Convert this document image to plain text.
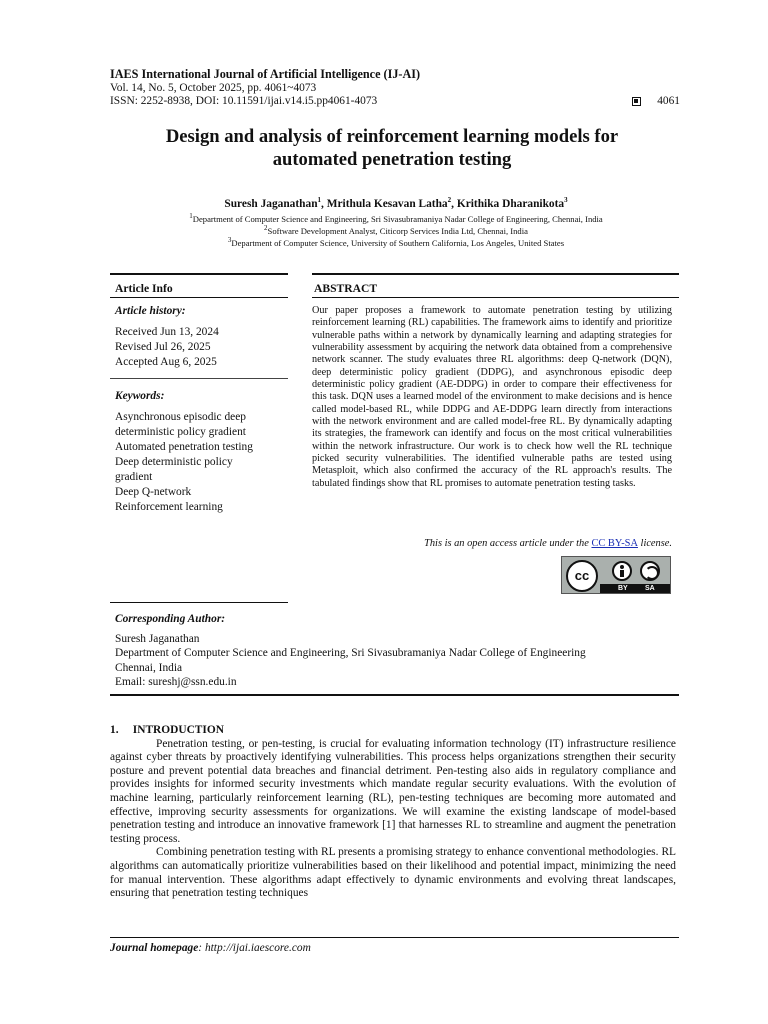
IAES International Journal of Artificial Intelligence (IJ-AI)
Vol. 14, No. 5, October 2025, pp. 4061~4073
ISSN: 2252-8938, DOI: 10.11591/ijai.v14.i5.pp4061-4073	4061
Design and analysis of reinforcement learning models for
automated penetration testing
Suresh Jaganathan$^1$, Mrithula Kesavan Latha$^2$, Krithika Dharanikota$^3$
$^1$Department of Computer Science and Engineering, Sri Sivasubramaniya Nadar College of Engineering, Chennai, India
$^2$Software Development Analyst, Citicorp Services India Ltd, Chennai, India
$^3$Department of Computer Science, University of Southern California, Los Angeles, United States
Article Info	ABSTRACT
Article history:
Received Jun 13, 2024
Revised Jul 26, 2025
Accepted Aug 6, 2025
Keywords:
Asynchronous episodic deep deterministic policy gradient
Automated penetration testing
Deep deterministic policy gradient
Deep Q-network
Reinforcement learning
Our paper proposes a framework to automate penetration testing by utilizing reinforcement learning (RL) capabilities. The framework aims to identify and prioritize vulnerable paths within a network by dynamically learning and adapting strategies for vulnerability assessment by acquiring the network data obtained from a comprehensive network scanner. The study evaluates three RL algorithms: deep Q-network (DQN), deep deterministic policy gradient (DDPG), and asynchronous episodic deep deterministic policy gradient (AE-DDPG) in order to compare their effectiveness for this task. DQN uses a learned model of the environment to make decisions and is hence called model-based RL, while DDPG and AE-DDPG learn directly from interactions with the network environment and are called model-free RL. By dynamically adapting its strategies, the framework can identify and focus on the most critical vulnerabilities within the network infrastructure. Our work is to check how well the RL technique picked security vulnerabilities. The identified vulnerable paths are tested using Metasploit, which also confirmed the accuracy of the RL approach's results. The tabulated findings show that RL promises to automate penetration testing tasks.
This is an open access article under the CC BY-SA license.
cc
BY SA
Corresponding Author:
Suresh Jaganathan
Department of Computer Science and Engineering, Sri Sivasubramaniya Nadar College of Engineering
Chennai, India
Email: sureshj@ssn.edu.in
1.     INTRODUCTION

Penetration testing, or pen-testing, is crucial for evaluating information technology (IT) infrastructure resilience against cyber threats by proactively identifying vulnerabilities. This process helps organizations strengthen their security posture and prevent potential data breaches and financial detriment. Pen-testing also aids in regulatory compliance and provides insights for informed security investments which mandate regular security evaluations. With the evolution of machine learning, particularly reinforcement learning (RL), pen-testing techniques are becoming more automated and effective, improving security assessments for organizations. We will examine the existing landscape of model-based penetration testing and introduce an innovative framework [1] that harnesses RL to streamline and augment the penetration testing process.

Combining penetration testing with RL presents a promising strategy to enhance conventional methodologies. RL algorithms can automatically prioritize vulnerabilities based on their likelihood and potential impact, minimizing the need for manual intervention. These algorithms adapt effectively to dynamic environments and evolving threat landscapes, ensuring that penetration testing techniques

Journal homepage: http://ijai.iaescore.com
